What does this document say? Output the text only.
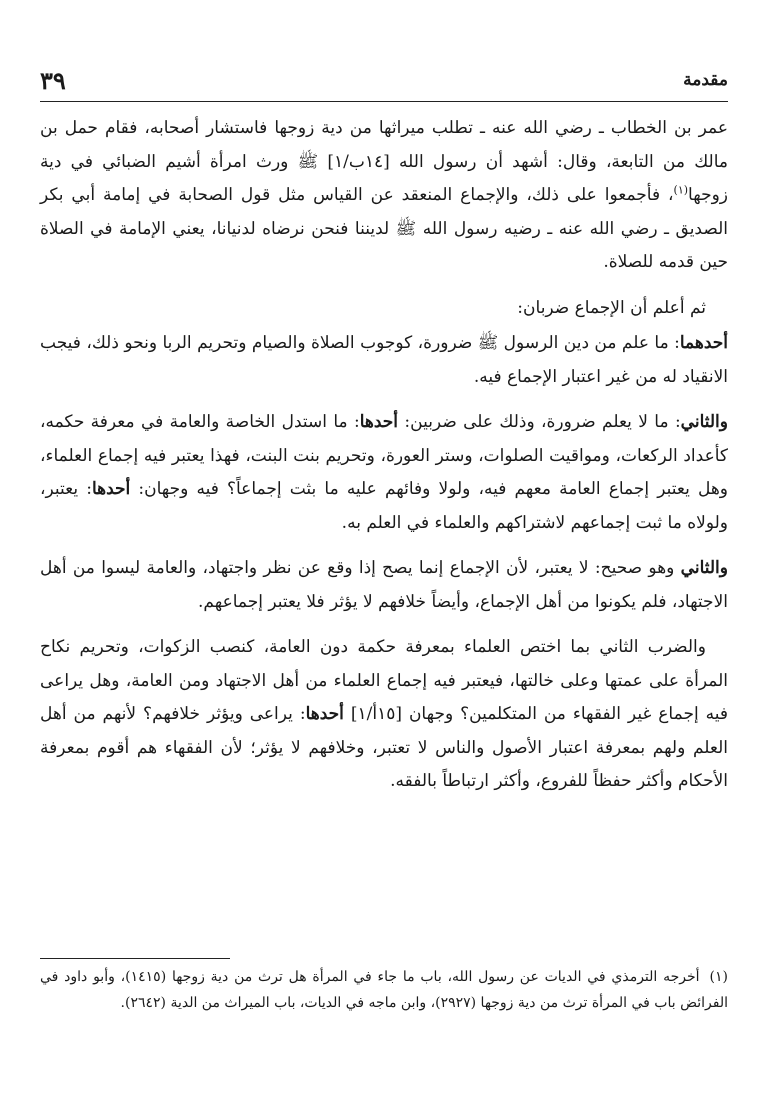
٣٩	مقدمة

عمر بن الخطاب ـ رضي الله عنه ـ تطلب ميراثها من دية زوجها فاستشار أصحابه، فقام حمل بن مالك من التابعة، وقال: أشهد أن رسول الله [١٤ب/١] ﷺ ورث امرأة أشيم الضبائي في دية زوجها$^{(١)}$، فأجمعوا على ذلك، والإجماع المنعقد عن القياس مثل قول الصحابة في إمامة أبي بكر الصديق ـ رضي الله عنه ـ رضيه رسول الله ﷺ لديننا فنحن نرضاه لدنيانا، يعني الإمامة في الصلاة حين قدمه للصلاة.

ثم أعلم أن الإجماع ضربان:

أحدهما: ما علم من دين الرسول ﷺ ضرورة، كوجوب الصلاة والصيام وتحريم الربا ونحو ذلك، فيجب الانقياد له من غير اعتبار الإجماع فيه.

والثاني: ما لا يعلم ضرورة، وذلك على ضربين: أحدها: ما استدل الخاصة والعامة في معرفة حكمه، كأعداد الركعات، ومواقيت الصلوات، وستر العورة، وتحريم بنت البنت، فهذا يعتبر فيه إجماع العلماء، وهل يعتبر إجماع العامة معهم فيه، ولولا وفائهم عليه ما بثت إجماعاً؟ فيه وجهان: أحدها: يعتبر، ولولاه ما ثبت إجماعهم لاشتراكهم والعلماء في العلم به.

والثاني وهو صحيح: لا يعتبر، لأن الإجماع إنما يصح إذا وقع عن نظر واجتهاد، والعامة ليسوا من أهل الاجتهاد، فلم يكونوا من أهل الإجماع، وأيضاً خلافهم لا يؤثر فلا يعتبر إجماعهم.

والضرب الثاني بما اختص العلماء بمعرفة حكمة دون العامة، كنصب الزكوات، وتحريم نكاح المرأة على عمتها وعلى خالتها، فيعتبر فيه إجماع العلماء من أهل الاجتهاد ومن العامة، وهل يراعى فيه إجماع غير الفقهاء من المتكلمين؟ وجهان [١٥أ/١] أحدها: يراعى ويؤثر خلافهم؟ لأنهم من أهل العلم ولهم بمعرفة اعتبار الأصول والناس لا تعتبر، وخلافهم لا يؤثر؛ لأن الفقهاء هم أقوم بمعرفة الأحكام وأكثر حفظاً للفروع، وأكثر ارتباطاً بالفقه.

(١)أخرجه الترمذي في الديات عن رسول الله، باب ما جاء في المرأة هل ترث من دية زوجها (١٤١٥)، وأبو داود في الفرائض باب في المرأة ترث من دية زوجها (٢٩٢٧)، وابن ماجه في الديات، باب الميراث من الدية (٢٦٤٢).
